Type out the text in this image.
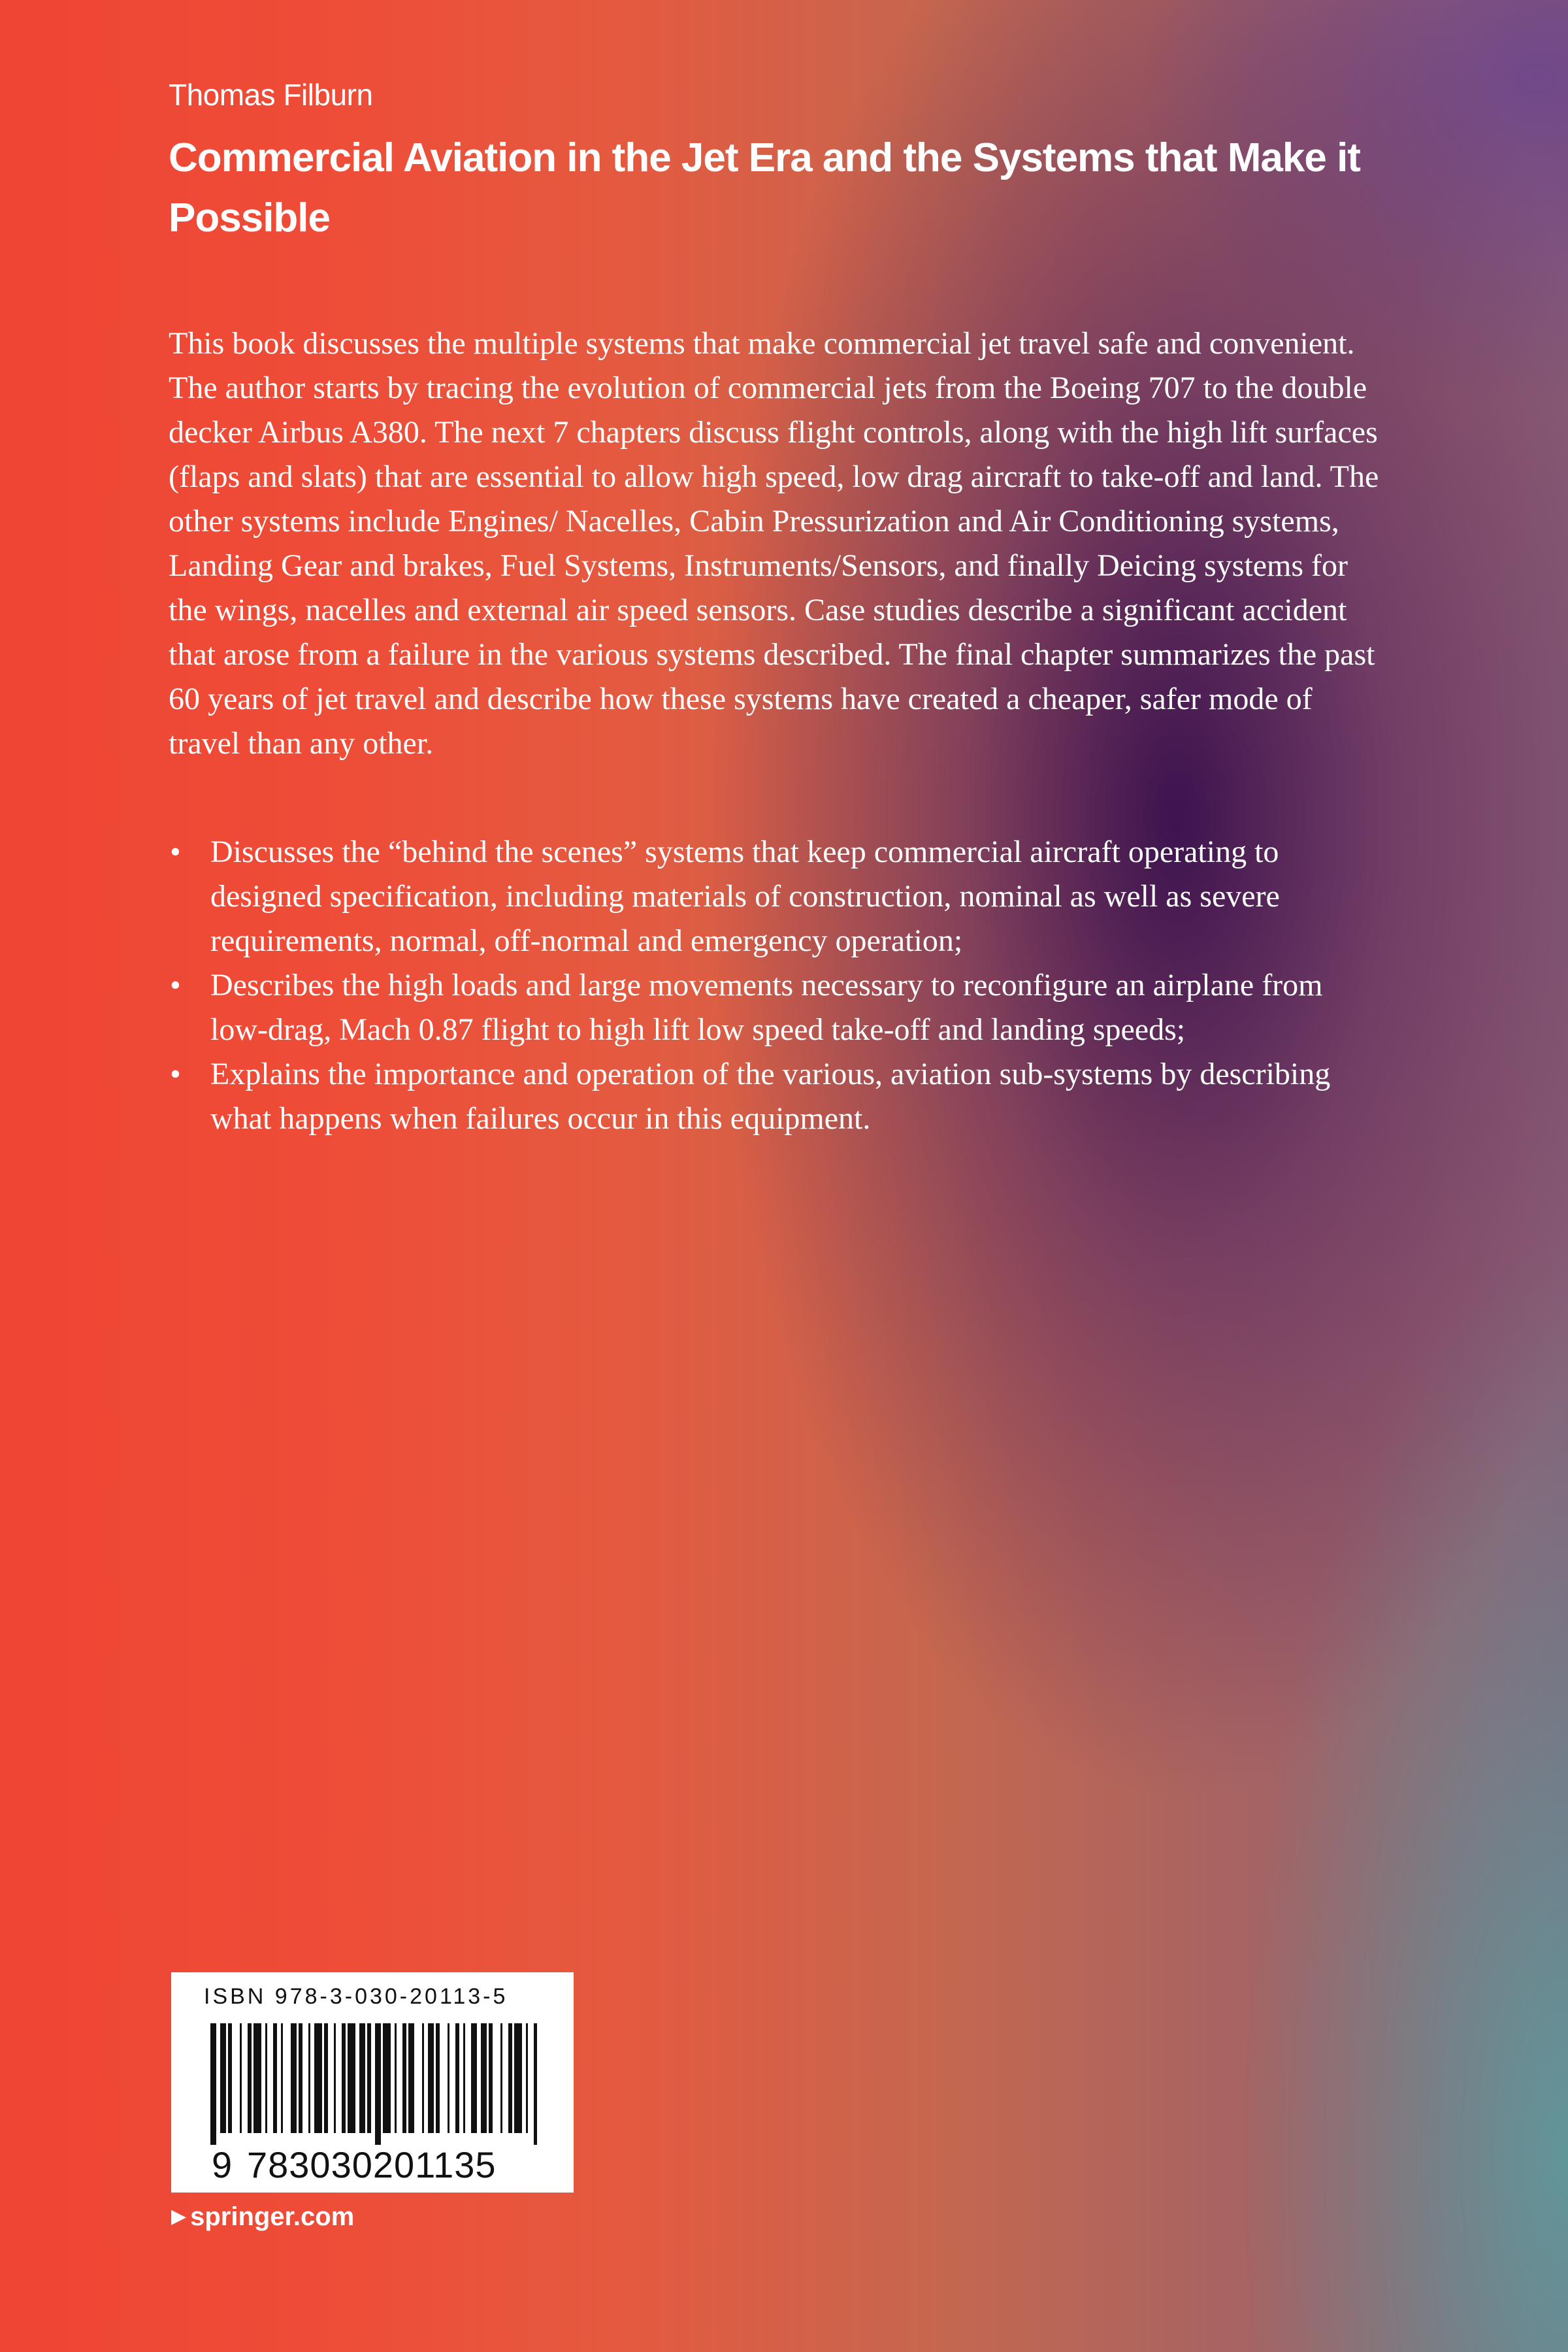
Thomas Filburn
Commercial Aviation in the Jet Era and the Systems that Make it Possible

This book discusses the multiple systems that make commercial jet travel safe and convenient. The author starts by tracing the evolution of commercial jets from the Boeing 707 to the double decker Airbus A380. The next 7 chapters discuss flight controls, along with the high lift surfaces (flaps and slats) that are essential to allow high speed, low drag aircraft to take-off and land. The other systems include Engines/ Nacelles, Cabin Pressurization and Air Conditioning systems, Landing Gear and brakes, Fuel Systems, Instruments/Sensors, and finally Deicing systems for the wings, nacelles and external air speed sensors. Case studies describe a significant accident that arose from a failure in the various systems described. The final chapter summarizes the past 60 years of jet travel and describe how these systems have created a cheaper, safer mode of travel than any other.

• Discusses the “behind the scenes” systems that keep commercial aircraft operating to designed specification, including materials of construction, nominal as well as severe requirements, normal, off-normal and emergency operation;
• Describes the high loads and large movements necessary to reconfigure an airplane from low-drag, Mach 0.87 flight to high lift low speed take-off and landing speeds;
• Explains the importance and operation of the various, aviation sub-systems by describing what happens when failures occur in this equipment.
ISBN 978-3-030-20113-5
9 783030201135
▶ springer.com
